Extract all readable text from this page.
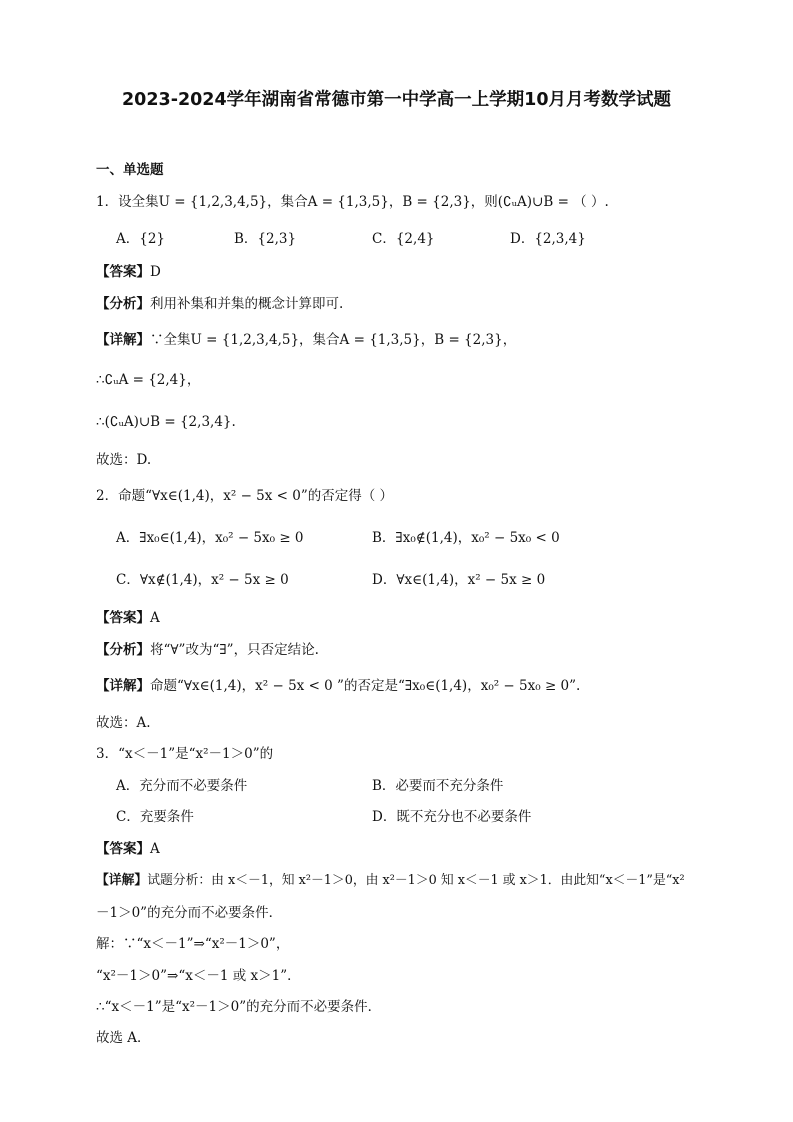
2023-2024学年湖南省常德市第一中学高一上学期10月月考数学试题
一、单选题
1．设全集U = {1,2,3,4,5}，集合A = {1,3,5}，B = {2,3}，则(∁ᵤA)∪B = （ ）.
A．{2}	B．{2,3}	C．{2,4}	D．{2,3,4}
【答案】D
【分析】利用补集和并集的概念计算即可.
【详解】∵全集U = {1,2,3,4,5}，集合A = {1,3,5}，B = {2,3}，
∴∁ᵤA = {2,4}，
∴(∁ᵤA)∪B = {2,3,4}.
故选：D.
2．命题“∀x∈(1,4)，x² − 5x < 0”的否定得（ ）
A．∃x₀∈(1,4)，x₀² − 5x₀ ≥ 0	B．∃x₀∉(1,4)，x₀² − 5x₀ < 0
C．∀x∉(1,4)，x² − 5x ≥ 0	D．∀x∈(1,4)，x² − 5x ≥ 0
【答案】A
【分析】将“∀”改为“∃”，只否定结论.
【详解】命题“∀x∈(1,4)，x² − 5x < 0 ”的否定是“∃x₀∈(1,4)，x₀² − 5x₀ ≥ 0”.
故选：A.
3．“x＜－1”是“x²－1＞0”的
A．充分而不必要条件	B．必要而不充分条件
C．充要条件	D．既不充分也不必要条件
【答案】A
【详解】试题分析：由 x＜－1，知 x²－1＞0，由 x²－1＞0 知 x＜－1 或 x＞1．由此知“x＜－1”是“x²
－1＞0”的充分而不必要条件．
解：∵“x＜－1”⇒“x²－1＞0”，
“x²－1＞0”⇒“x＜－1 或 x＞1”．
∴“x＜－1”是“x²－1＞0”的充分而不必要条件．
故选 A．
